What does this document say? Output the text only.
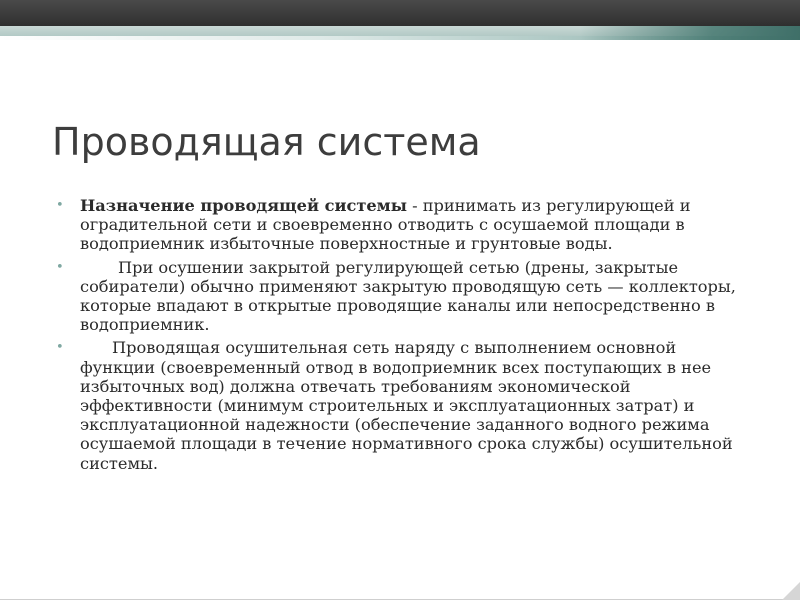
Проводящая система
• Назначение проводящей системы - принимать из регулирующей и оградительной сети и своевременно отводить с осушаемой площади в водоприемник избыточные поверхностные и грунтовые воды.
•	При осушении закрытой регулирующей сетью (дрены, закрытые собиратели) обычно применяют закрытую проводящую сеть — коллекторы, которые впадают в открытые проводящие каналы или непосредственно в водоприемник.
•	Проводящая осушительная сеть наряду с выполнением основной функции (своевременный отвод в водоприемник всех поступающих в нее избыточных вод) должна отвечать требованиям экономической эффективности (минимум строительных и эксплуатационных затрат) и эксплуатационной надежности (обеспечение заданного водного режима осушаемой площади в течение нормативного срока службы) осушительной системы.
